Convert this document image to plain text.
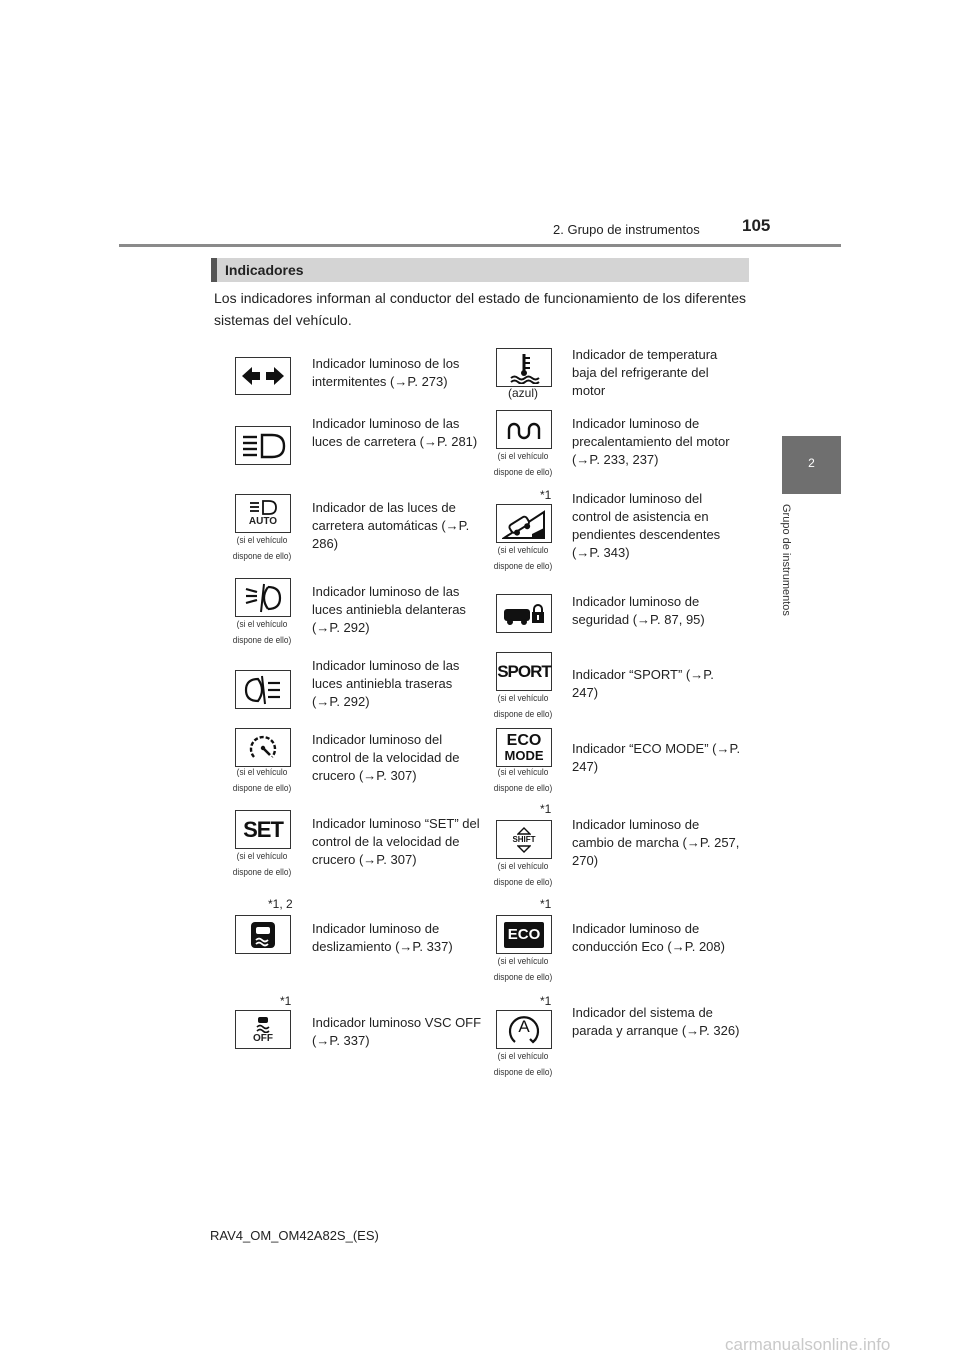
2. Grupo de instrumentos 105
2
Grupo de instrumentos
Indicadores
Los indicadores informan al conductor del estado de funcionamiento de los diferentes sistemas del vehículo.
Indicador luminoso de los intermitentes (→P. 273)
Indicador luminoso de las luces de carretera (→P. 281)
AUTO
(si el vehículo dispone de ello)
Indicador de las luces de carretera automáticas (→P. 286)
(si el vehículo dispone de ello)
Indicador luminoso de las luces antiniebla delanteras (→P. 292)
Indicador luminoso de las luces antiniebla traseras (→P. 292)
(si el vehículo dispone de ello)
Indicador luminoso del control de la velocidad de crucero (→P. 307)
SET
(si el vehículo dispone de ello)
Indicador luminoso “SET” del control de la velocidad de crucero (→P. 307)
*1, 2
Indicador luminoso de deslizamiento (→P. 337)
*1
OFF
Indicador luminoso VSC OFF (→P. 337)
(azul)
Indicador de temperatura baja del refrigerante del motor
(si el vehículo dispone de ello)
Indicador luminoso de precalentamiento del motor (→P. 233, 237)
*1
(si el vehículo dispone de ello)
Indicador luminoso del control de asistencia en pendientes descendentes (→P. 343)
Indicador luminoso de seguridad (→P. 87, 95)
SPORT
(si el vehículo dispone de ello)
Indicador “SPORT” (→P. 247)
ECO
MODE
(si el vehículo dispone de ello)
Indicador “ECO MODE” (→P. 247)
*1
SHIFT
(si el vehículo dispone de ello)
Indicador luminoso de cambio de marcha (→P. 257, 270)
*1
ECO
(si el vehículo dispone de ello)
Indicador luminoso de conducción Eco (→P. 208)
*1
A
(si el vehículo dispone de ello)
Indicador del sistema de parada y arranque (→P. 326)
RAV4_OM_OM42A82S_(ES)
carmanualsonline.info
